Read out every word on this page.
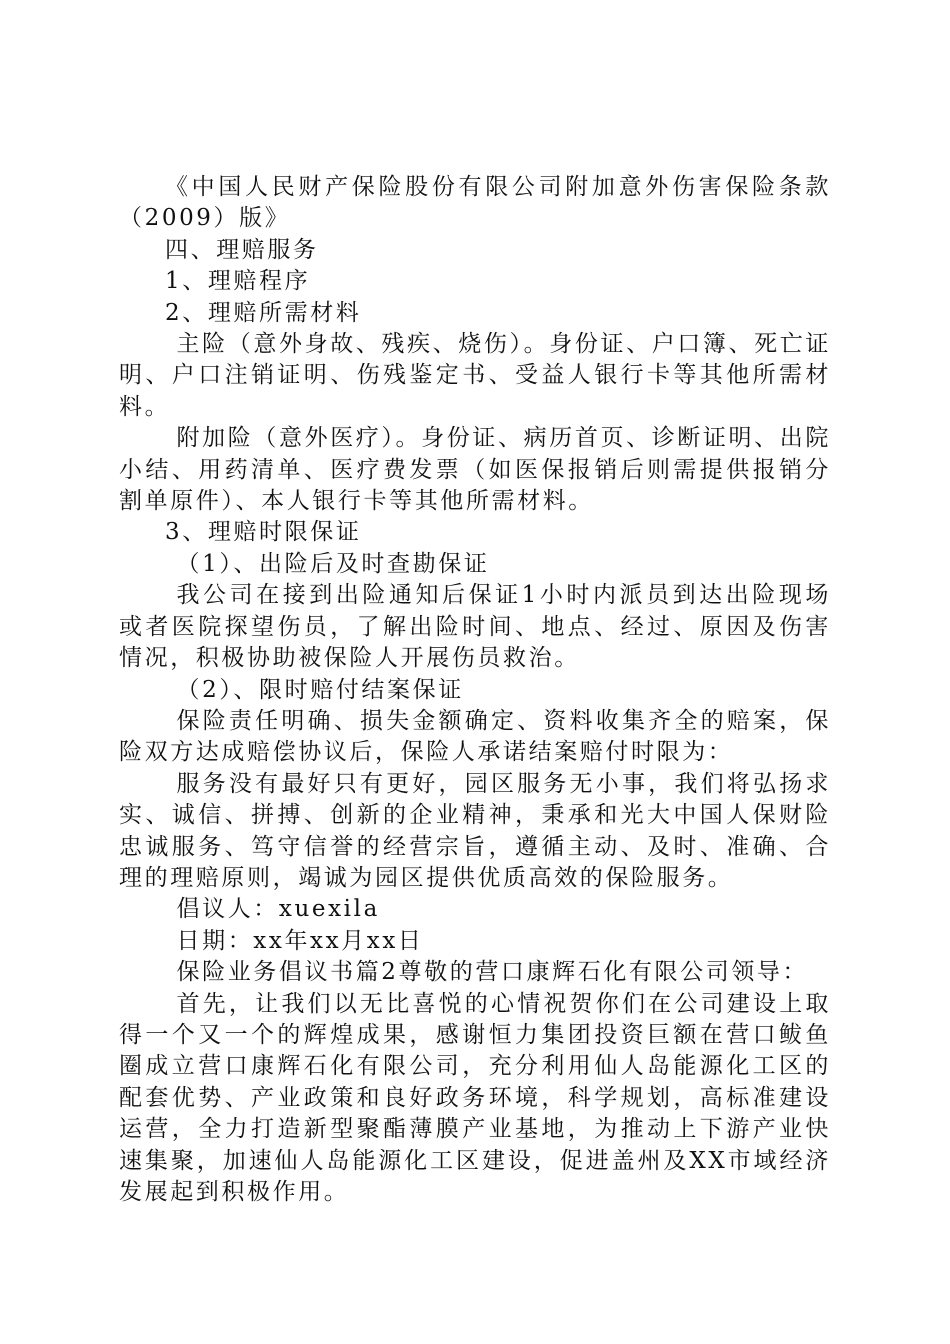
《中国人民财产保险股份有限公司附加意外伤害保险条款（2009）版》

四、理赔服务

1、理赔程序

2、理赔所需材料

主险（意外身故、残疾、烧伤）。身份证、户口簿、死亡证明、户口注销证明、伤残鉴定书、受益人银行卡等其他所需材料。

附加险（意外医疗）。身份证、病历首页、诊断证明、出院小结、用药清单、医疗费发票（如医保报销后则需提供报销分割单原件）、本人银行卡等其他所需材料。

3、理赔时限保证

（1）、出险后及时查勘保证

我公司在接到出险通知后保证1小时内派员到达出险现场或者医院探望伤员，了解出险时间、地点、经过、原因及伤害情况，积极协助被保险人开展伤员救治。

（2）、限时赔付结案保证

保险责任明确、损失金额确定、资料收集齐全的赔案，保险双方达成赔偿协议后，保险人承诺结案赔付时限为：

服务没有最好只有更好，园区服务无小事，我们将弘扬求实、诚信、拼搏、创新的企业精神，秉承和光大中国人保财险忠诚服务、笃守信誉的经营宗旨，遵循主动、及时、准确、合理的理赔原则，竭诚为园区提供优质高效的保险服务。

倡议人：xuexila

日期：xx年xx月xx日

保险业务倡议书篇2尊敬的营口康辉石化有限公司领导：

首先，让我们以无比喜悦的心情祝贺你们在公司建设上取得一个又一个的辉煌成果，感谢恒力集团投资巨额在营口鲅鱼圈成立营口康辉石化有限公司，充分利用仙人岛能源化工区的配套优势、产业政策和良好政务环境，科学规划，高标准建设运营，全力打造新型聚酯薄膜产业基地，为推动上下游产业快速集聚，加速仙人岛能源化工区建设，促进盖州及XX市域经济发展起到积极作用。
